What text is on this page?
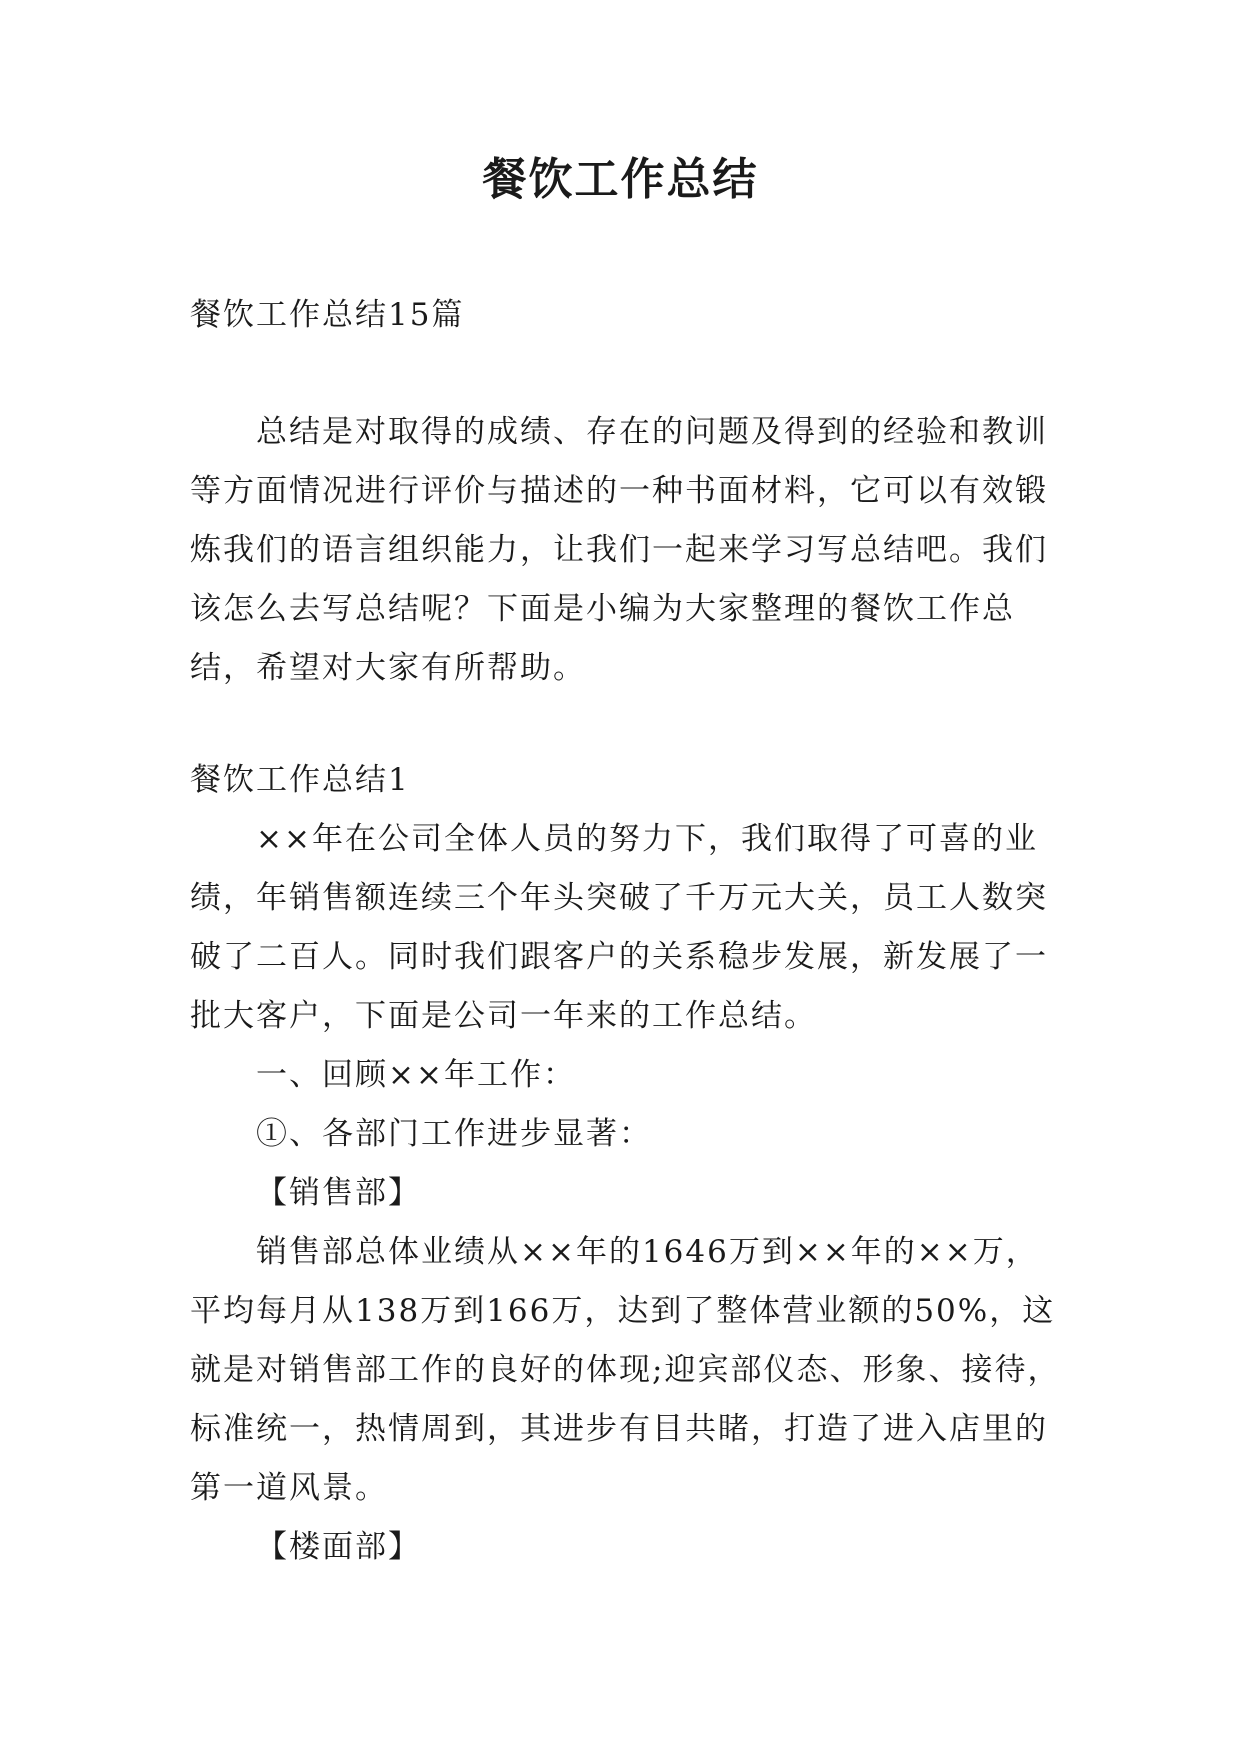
餐饮工作总结

餐饮工作总结15篇

总结是对取得的成绩、存在的问题及得到的经验和教训

等方面情况进行评价与描述的一种书面材料，它可以有效锻

炼我们的语言组织能力，让我们一起来学习写总结吧。我们

该怎么去写总结呢？下面是小编为大家整理的餐饮工作总

结，希望对大家有所帮助。

餐饮工作总结1

××年在公司全体人员的努力下，我们取得了可喜的业

绩，年销售额连续三个年头突破了千万元大关，员工人数突

破了二百人。同时我们跟客户的关系稳步发展，新发展了一

批大客户，下面是公司一年来的工作总结。

一、回顾××年工作：

①、各部门工作进步显著：

【销售部】

销售部总体业绩从××年的1646万到××年的××万，

平均每月从138万到166万，达到了整体营业额的50%，这

就是对销售部工作的良好的体现;迎宾部仪态、形象、接待，

标准统一，热情周到，其进步有目共睹，打造了进入店里的

第一道风景。

【楼面部】
